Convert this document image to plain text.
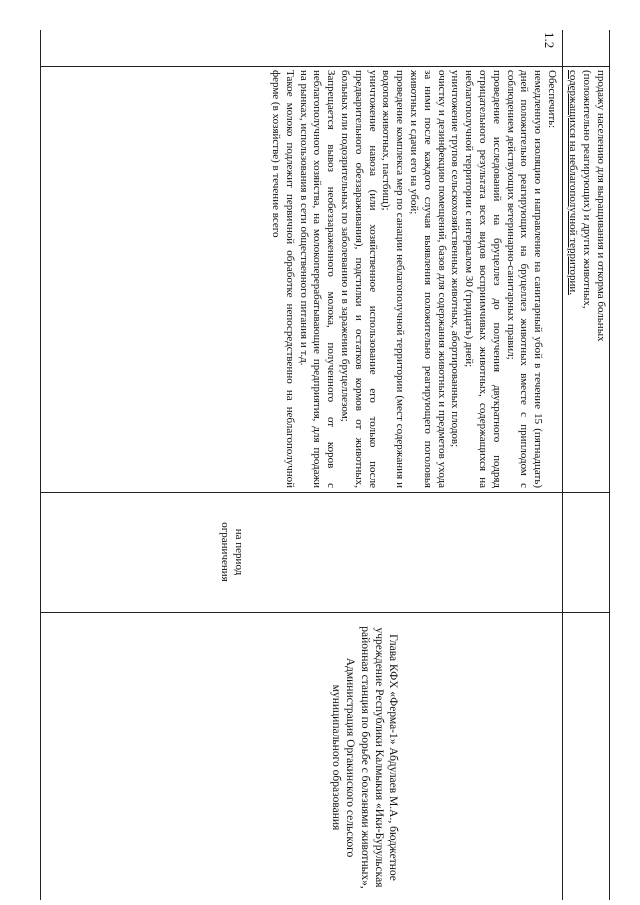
продажу населению для выращивания и откорма больных

(положительно реагирующих) и других животных,

содержащихся на неблагополучной территории.

1.2

Обеспечить:

немедленную изоляцию и направление на санитарный убой в течение 15 (пятнадцать) дней положительно реагирующих на бруцеллез животных вместе с приплодом с соблюдением действующих ветеринарно-санитарных правил;

проведение исследований на бруцеллез до получения двукратного подряд отрицательного результата всех видов восприимчивых животных, содержащихся на неблагополучной территории с интервалом 30 (тридцать) дней;

уничтожение трупов сельскохозяйственных животных, абортированных плодов;

очистку и дезинфекцию помещений, базов для содержания животных и предметов ухода за ними после каждого случая выявления положительно реагирующего поголовья животных и сдачи его на убой;

проведение комплекса мер по санации неблагополучной территории (мест содержания и водопоя животных, пастбищ);

уничтожение навоза (или хозяйственное использование его только после предварительного обеззараживания), подстилки и остатков кормов от животных, больных или подозрительных по заболеванию и в заражении бруцеллезом;

Запрещается вывоз необеззараженного молока, полученного от коров с неблагополучного хозяйства, на молокоперерабатывающие предприятия, для продажи на рынках, использования в сети общественного питания и т.д.

Такое молоко подлежит первичной обработке непосредственно на неблагополучной ферме (в хозяйстве) в течение всего

на период ограничения
Глава КФХ «Ферма-1» Абдулаев М.А., бюджетное учреждение Республики Калмыкия «Ики-Бурульская районная станция по борьбе с болезнями животных», Администрация Оргакинского сельского муниципального образования
